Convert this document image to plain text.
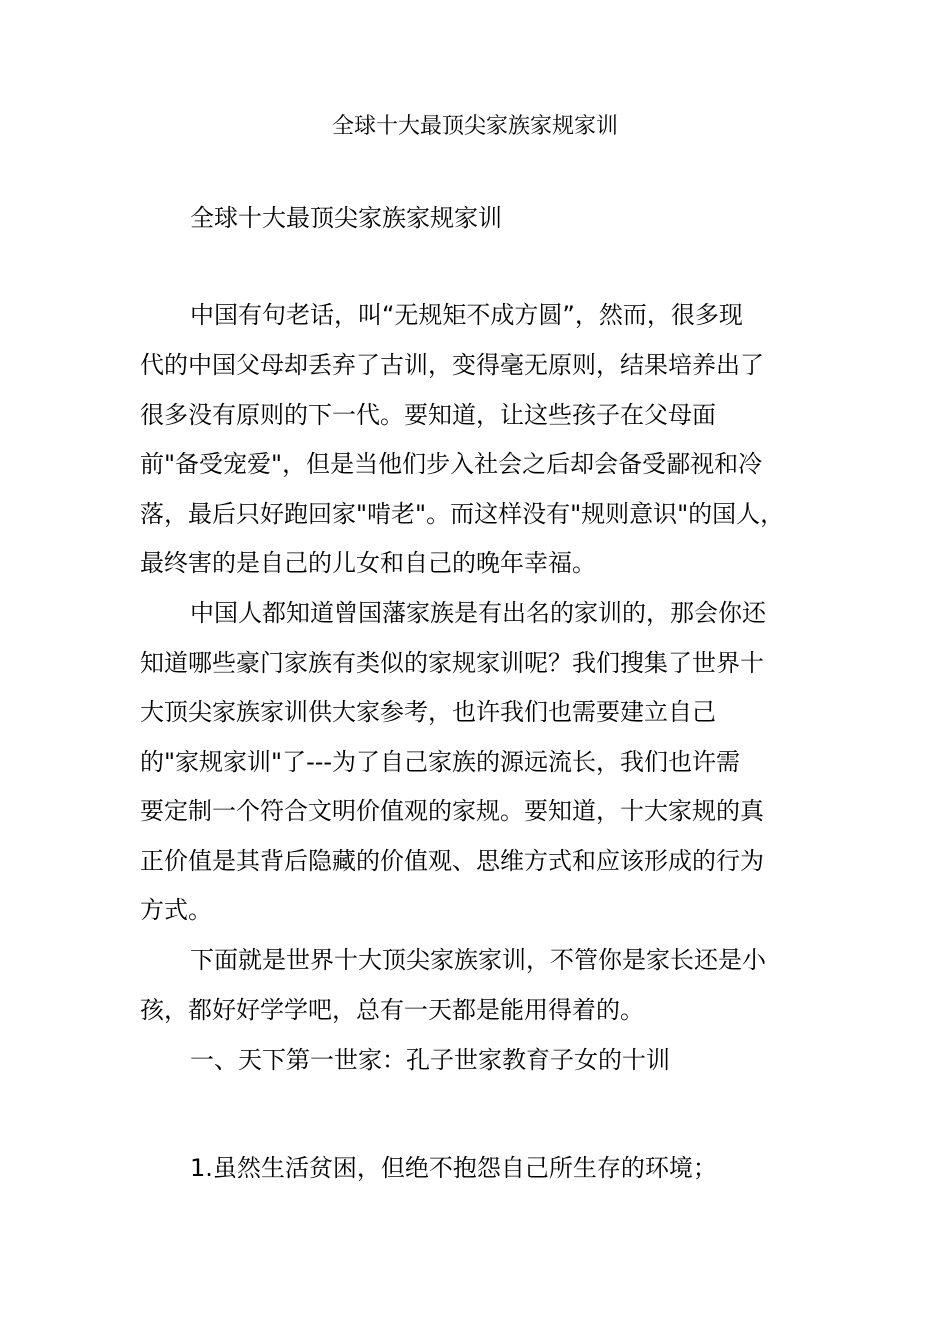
全球十大最顶尖家族家规家训

全球十大最顶尖家族家规家训

中国有句老话，叫“无规矩不成方圆”，然而，很多现

代的中国父母却丢弃了古训，变得毫无原则，结果培养出了

很多没有原则的下一代。要知道，让这些孩子在父母面

前"备受宠爱"，但是当他们步入社会之后却会备受鄙视和冷

落，最后只好跑回家"啃老"。而这样没有"规则意识"的国人，

最终害的是自己的儿女和自己的晚年幸福。

中国人都知道曾国藩家族是有出名的家训的，那会你还

知道哪些豪门家族有类似的家规家训呢？我们搜集了世界十

大顶尖家族家训供大家参考，也许我们也需要建立自己

的"家规家训"了---为了自己家族的源远流长，我们也许需

要定制一个符合文明价值观的家规。要知道，十大家规的真

正价值是其背后隐藏的价值观、思维方式和应该形成的行为

方式。

下面就是世界十大顶尖家族家训，不管你是家长还是小

孩，都好好学学吧，总有一天都是能用得着的。

一、天下第一世家：孔子世家教育子女的十训

1.虽然生活贫困，但绝不抱怨自己所生存的环境；
